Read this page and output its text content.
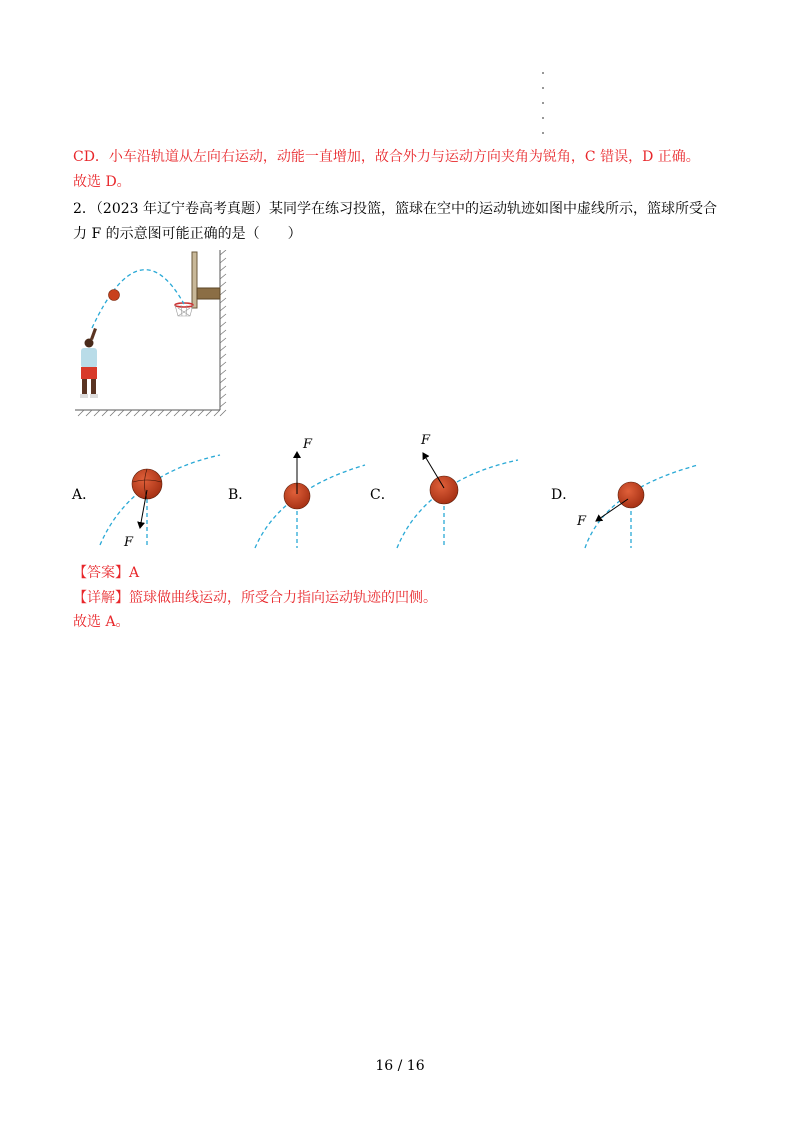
CD．小车沿轨道从左向右运动，动能一直增加，故合外力与运动方向夹角为锐角，C 错误，D 正确。
故选 D。
2．（2023 年辽宁卷高考真题）某同学在练习投篮，篮球在空中的运动轨迹如图中虚线所示，篮球所受合
力 F 的示意图可能正确的是（　　）
A．	B．	C．	D．
F
F	F
F
【答案】A
【详解】篮球做曲线运动，所受合力指向运动轨迹的凹侧。
故选 A。
16 / 16
